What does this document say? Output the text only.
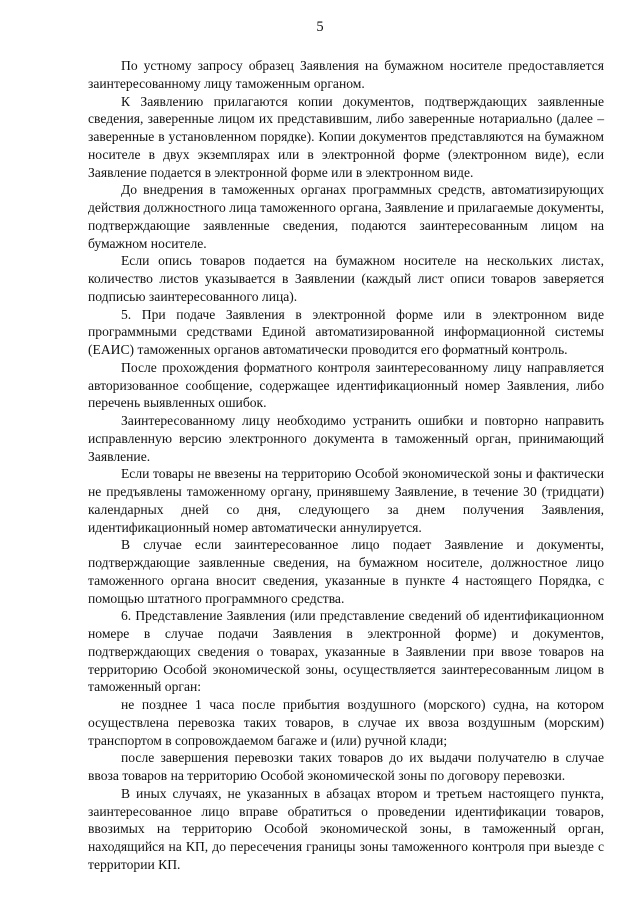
5

По устному запросу образец Заявления на бумажном носителе предоставляется заинтересованному лицу таможенным органом.

К Заявлению прилагаются копии документов, подтверждающих заявленные сведения, заверенные лицом их представившим, либо заверенные нотариально (далее – заверенные в установленном порядке). Копии документов представляются на бумажном носителе в двух экземплярах или в электронной форме (электронном виде), если Заявление подается в электронной форме или в электронном виде.

До внедрения в таможенных органах программных средств, автоматизирующих действия должностного лица таможенного органа, Заявление и прилагаемые документы, подтверждающие заявленные сведения, подаются заинтересованным лицом на бумажном носителе.

Если опись товаров подается на бумажном носителе на нескольких листах, количество листов указывается в Заявлении (каждый лист описи товаров заверяется подписью заинтересованного лица).

5. При подаче Заявления в электронной форме или в электронном виде программными средствами Единой автоматизированной информационной системы (ЕАИС) таможенных органов автоматически проводится его форматный контроль.

После прохождения форматного контроля заинтересованному лицу направляется авторизованное сообщение, содержащее идентификационный номер Заявления, либо перечень выявленных ошибок.

Заинтересованному лицу необходимо устранить ошибки и повторно направить исправленную версию электронного документа в таможенный орган, принимающий Заявление.

Если товары не ввезены на территорию Особой экономической зоны и фактически не предъявлены таможенному органу, принявшему Заявление, в течение 30 (тридцати) календарных дней со дня, следующего за днем получения Заявления, идентификационный номер автоматически аннулируется.

В случае если заинтересованное лицо подает Заявление и документы, подтверждающие заявленные сведения, на бумажном носителе, должностное лицо таможенного органа вносит сведения, указанные в пункте 4 настоящего Порядка, с помощью штатного программного средства.

6. Представление Заявления (или представление сведений об идентификационном номере в случае подачи Заявления в электронной форме) и документов, подтверждающих сведения о товарах, указанные в Заявлении при ввозе товаров на территорию Особой экономической зоны, осуществляется заинтересованным лицом в таможенный орган:

не позднее 1 часа после прибытия воздушного (морского) судна, на котором осуществлена перевозка таких товаров, в случае их ввоза воздушным (морским) транспортом в сопровождаемом багаже и (или) ручной клади;

после завершения перевозки таких товаров до их выдачи получателю в случае ввоза товаров на территорию Особой экономической зоны по договору перевозки.

В иных случаях, не указанных в абзацах втором и третьем настоящего пункта, заинтересованное лицо вправе обратиться о проведении идентификации товаров, ввозимых на территорию Особой экономической зоны, в таможенный орган, находящийся на КП, до пересечения границы зоны таможенного контроля при выезде с территории КП.
